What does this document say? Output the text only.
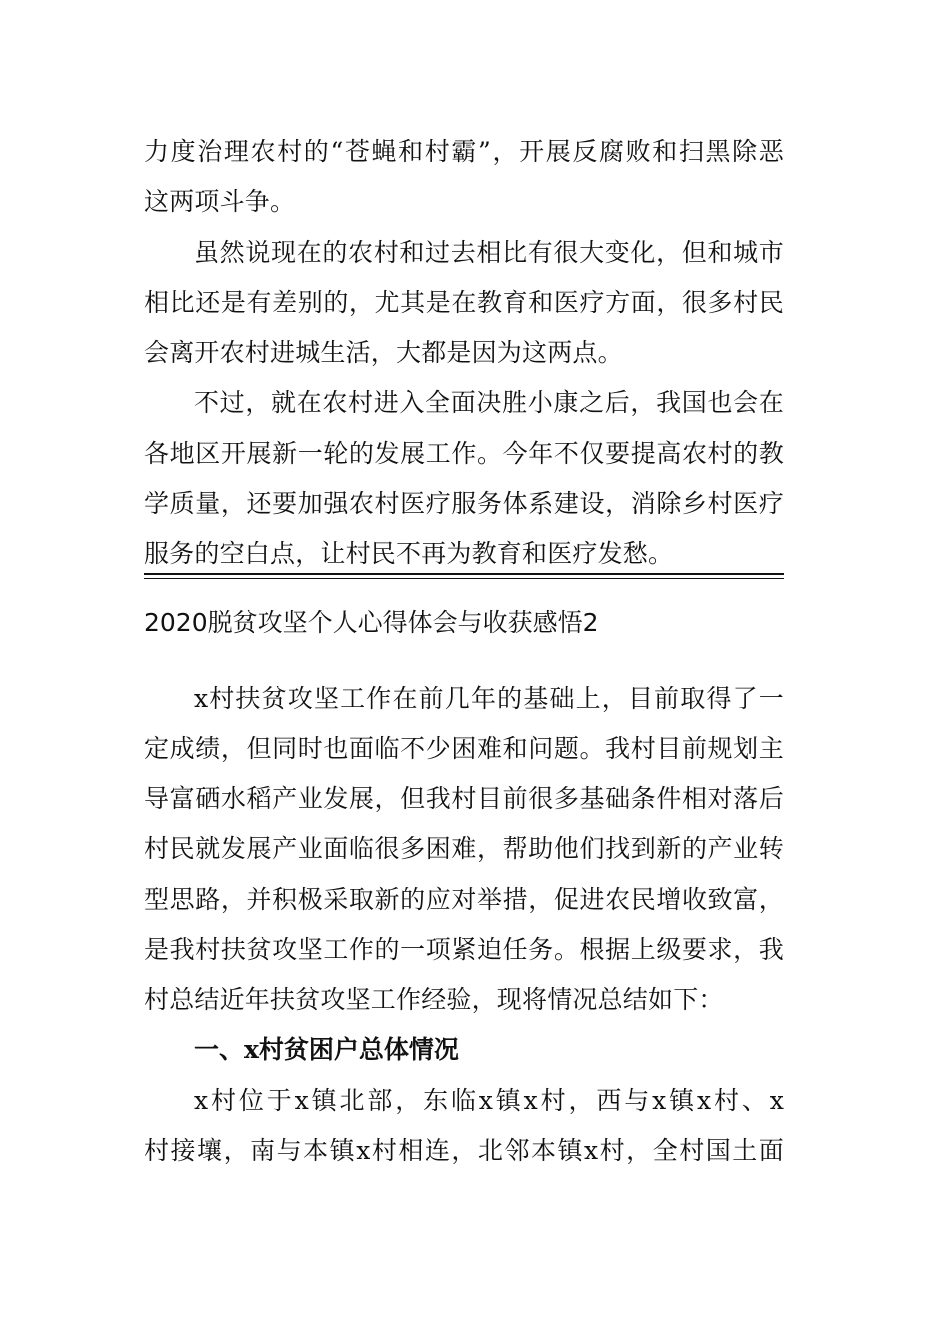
力度治理农村的“苍蝇和村霸”，开展反腐败和扫黑除恶
这两项斗争。
虽然说现在的农村和过去相比有很大变化，但和城市
相比还是有差别的，尤其是在教育和医疗方面，很多村民
会离开农村进城生活，大都是因为这两点。
不过，就在农村进入全面决胜小康之后，我国也会在
各地区开展新一轮的发展工作。今年不仅要提高农村的教
学质量，还要加强农村医疗服务体系建设，消除乡村医疗
服务的空白点，让村民不再为教育和医疗发愁。
2020脱贫攻坚个人心得体会与收获感悟2
x村扶贫攻坚工作在前几年的基础上，目前取得了一
定成绩，但同时也面临不少困难和问题。我村目前规划主
导富硒水稻产业发展，但我村目前很多基础条件相对落后
村民就发展产业面临很多困难，帮助他们找到新的产业转
型思路，并积极采取新的应对举措，促进农民增收致富，
是我村扶贫攻坚工作的一项紧迫任务。根据上级要求，我
村总结近年扶贫攻坚工作经验，现将情况总结如下：
一、x村贫困户总体情况
x村位于x镇北部，东临x镇x村，西与x镇x村、x
村接壤，南与本镇x村相连，北邻本镇x村，全村国土面
